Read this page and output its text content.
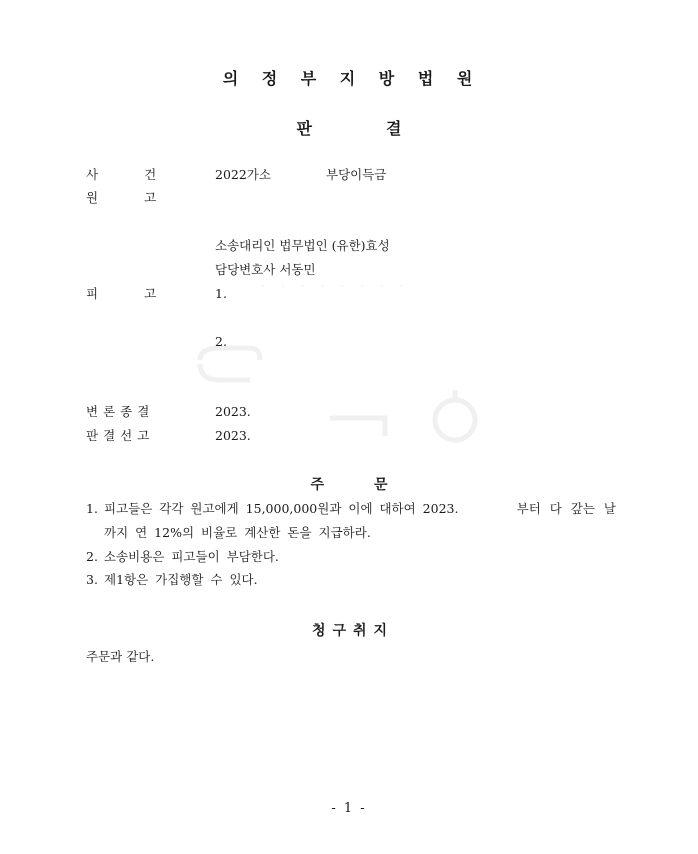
의 정 부 지 방 법 원
판	결
사건 2022가소	부당이득금
원고
소송대리인 법무법인 (유한)효성
담당변호사 서동민
피고 1.	· · · · · · · ·
2.
변론종결	2023.
판결선고	2023.
주	문
1. 피고들은 각각 원고에게 15,000,000원과 이에 대하여 2023.	부터 다 갚는 날
까지 연 12%의 비율로 계산한 돈을 지급하라.
2. 소송비용은 피고들이 부담한다.
3. 제1항은 가집행할 수 있다.
청구취지
주문과 같다.
- 1 -
